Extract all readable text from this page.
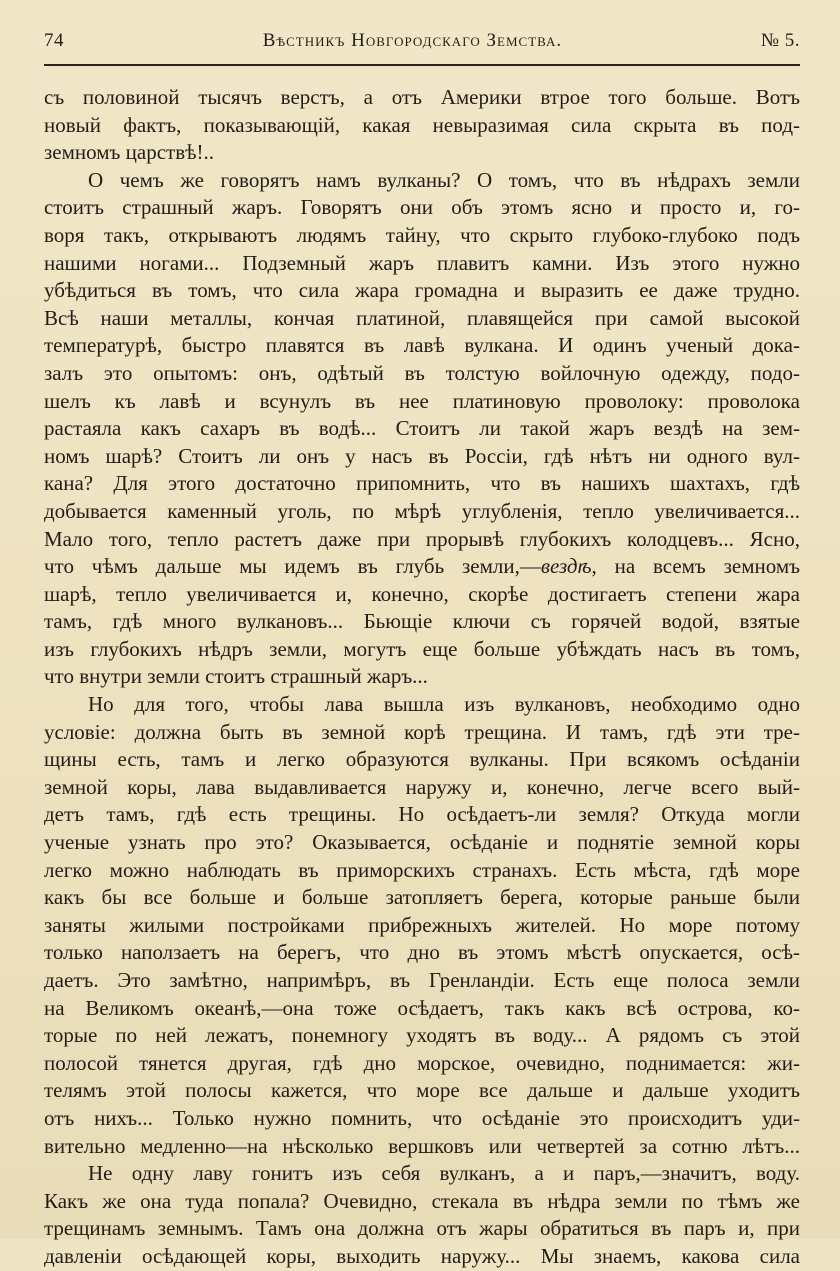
74	Вѣстникъ Новгородскаго Земства.	№ 5.
съ половиной тысячъ верстъ, а отъ Америки втрое того больше. Вотъ
новый фактъ, показывающій, какая невыразимая сила скрыта въ под-
земномъ царствѣ!..
О чемъ же говорятъ намъ вулканы? О томъ, что въ нѣдрахъ земли
стоитъ страшный жаръ. Говорятъ они объ этомъ ясно и просто и, го-
воря такъ, открываютъ людямъ тайну, что скрыто глубоко-глубоко подъ
нашими ногами... Подземный жаръ плавитъ камни. Изъ этого нужно
убѣдиться въ томъ, что сила жара громадна и выразить ее даже трудно.
Всѣ наши металлы, кончая платиной, плавящейся при самой высокой
температурѣ, быстро плавятся въ лавѣ вулкана. И одинъ ученый дока-
залъ это опытомъ: онъ, одѣтый въ толстую войлочную одежду, подо-
шелъ къ лавѣ и всунулъ въ нее платиновую проволоку: проволока
растаяла какъ сахаръ въ водѣ... Стоитъ ли такой жаръ вездѣ на зем-
номъ шарѣ? Стоитъ ли онъ у насъ въ Россіи, гдѣ нѣтъ ни одного вул-
кана? Для этого достаточно припомнить, что въ нашихъ шахтахъ, гдѣ
добывается каменный уголь, по мѣрѣ углубленія, тепло увеличивается...
Мало того, тепло растетъ даже при прорывѣ глубокихъ колодцевъ... Ясно,
что чѣмъ дальше мы идемъ въ глубь земли,—вездѣ, на всемъ земномъ
шарѣ, тепло увеличивается и, конечно, скорѣе достигаетъ степени жара
тамъ, гдѣ много вулкановъ... Бьющіе ключи съ горячей водой, взятые
изъ глубокихъ нѣдръ земли, могутъ еще больше убѣждать насъ въ томъ,
что внутри земли стоитъ страшный жаръ...
Но для того, чтобы лава вышла изъ вулкановъ, необходимо одно
условіе: должна быть въ земной корѣ трещина. И тамъ, гдѣ эти тре-
щины есть, тамъ и легко образуются вулканы. При всякомъ осѣданіи
земной коры, лава выдавливается наружу и, конечно, легче всего вый-
детъ тамъ, гдѣ есть трещины. Но осѣдаетъ-ли земля? Откуда могли
ученые узнать про это? Оказывается, осѣданіе и поднятіе земной коры
легко можно наблюдать въ приморскихъ странахъ. Есть мѣста, гдѣ море
какъ бы все больше и больше затопляетъ берега, которые раньше были
заняты жилыми постройками прибрежныхъ жителей. Но море потому
только наползаетъ на берегъ, что дно въ этомъ мѣстѣ опускается, осѣ-
даетъ. Это замѣтно, напримѣръ, въ Гренландіи. Есть еще полоса земли
на Великомъ океанѣ,—она тоже осѣдаетъ, такъ какъ всѣ острова, ко-
торые по ней лежатъ, понемногу уходятъ въ воду... А рядомъ съ этой
полосой тянется другая, гдѣ дно морское, очевидно, поднимается: жи-
телямъ этой полосы кажется, что море все дальше и дальше уходитъ
отъ нихъ... Только нужно помнить, что осѣданіе это происходитъ уди-
вительно медленно—на нѣсколько вершковъ или четвертей за сотню лѣтъ...
Не одну лаву гонитъ изъ себя вулканъ, а и паръ,—значитъ, воду.
Какъ же она туда попала? Очевидно, стекала въ нѣдра земли по тѣмъ же
трещинамъ земнымъ. Тамъ она должна отъ жары обратиться въ паръ и, при
давленіи осѣдающей коры, выходить наружу... Мы знаемъ, какова сила
